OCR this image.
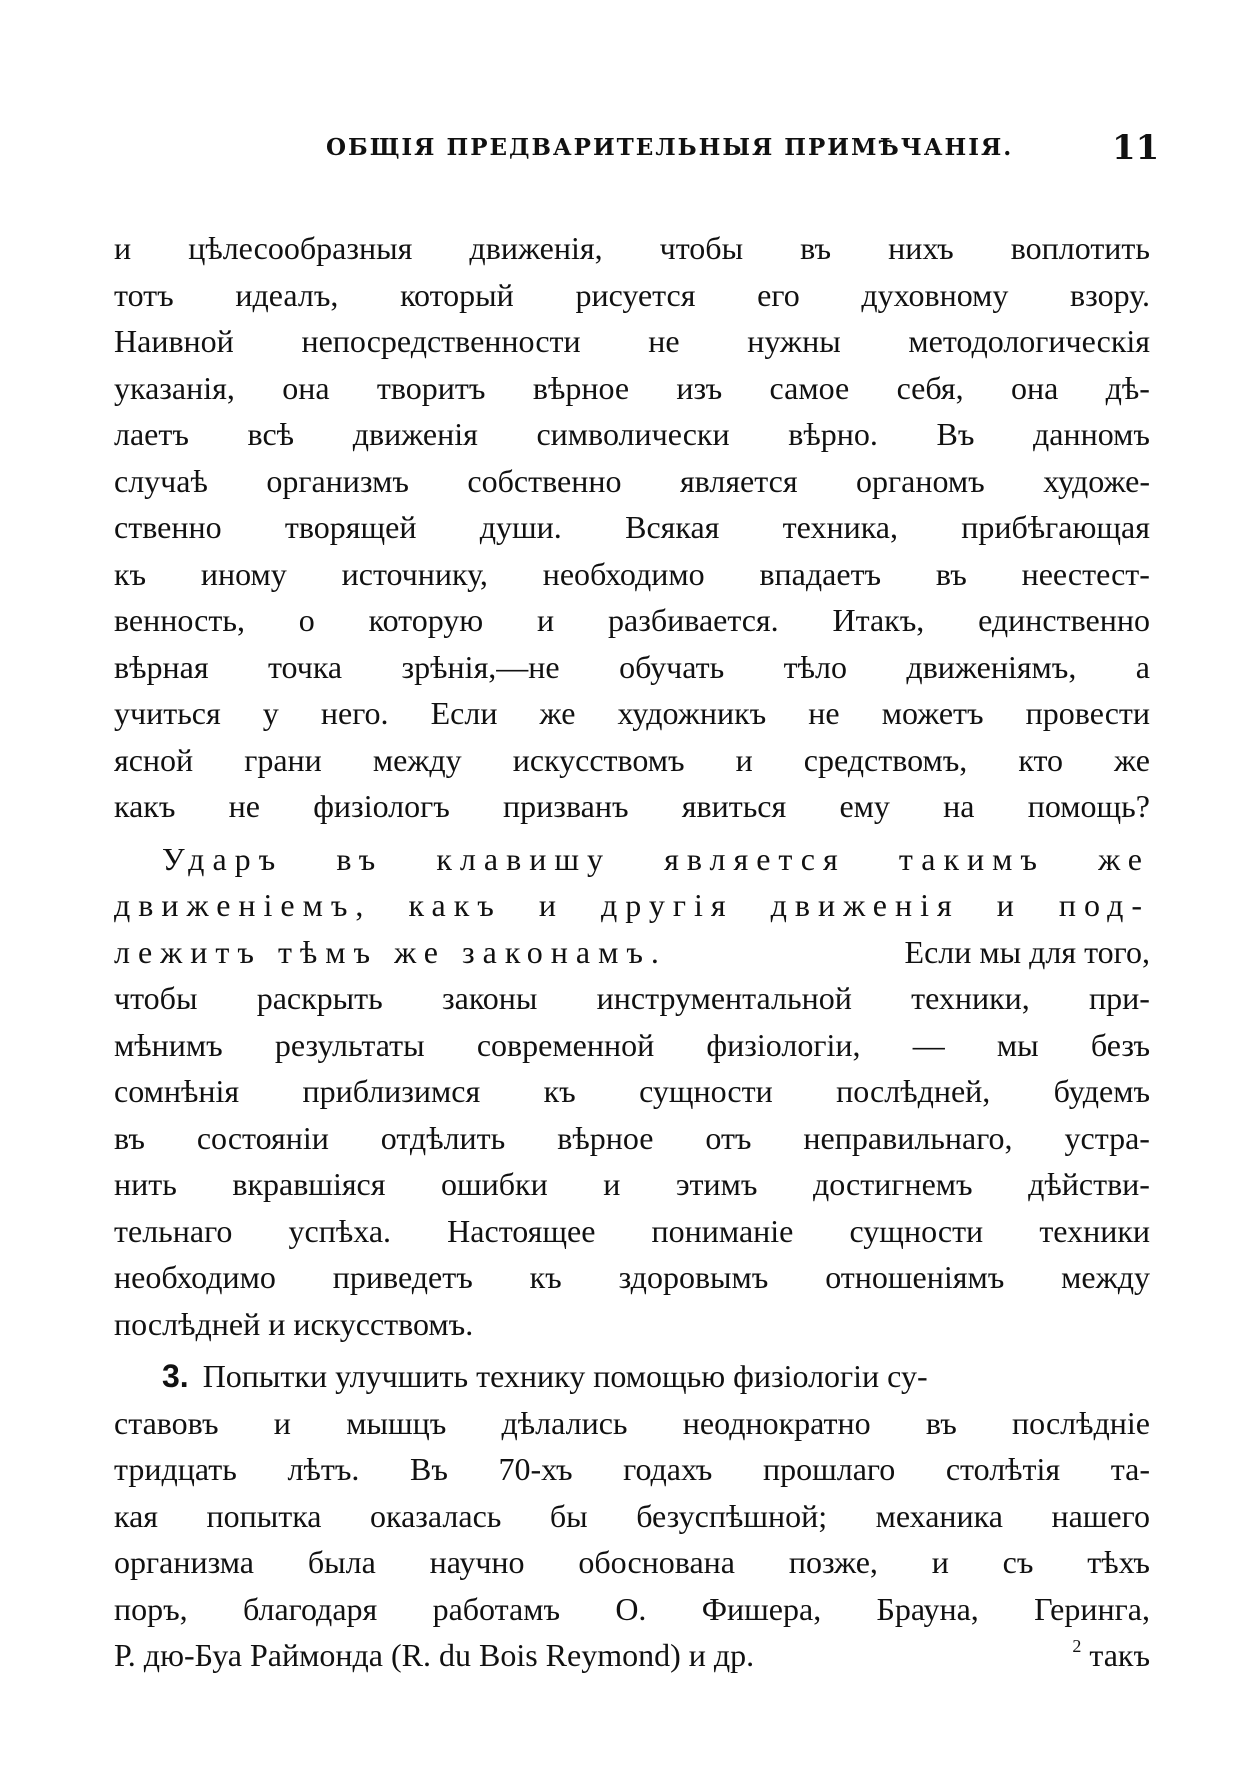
ОБЩІЯ ПРЕДВАРИТЕЛЬНЫЯ ПРИМѢЧАНІЯ.	11
и цѣлесообразныя движенія, чтобы въ нихъ воплотить
тотъ идеалъ, который рисуется его духовному взору.
Наивной непосредственности не нужны методологическія
указанія, она творитъ вѣрное изъ самое себя, она дѣ-
лаетъ всѣ движенія символически вѣрно. Въ данномъ
случаѣ организмъ собственно является органомъ художе-
ственно творящей души. Всякая техника, прибѣгающая
къ иному источнику, необходимо впадаетъ въ неестест-
венность, о которую и разбивается. Итакъ, единственно
вѣрная точка зрѣнія,—не обучать тѣло движеніямъ, а
учиться у него. Если же художникъ не можетъ провести
ясной грани между искусствомъ и средствомъ, кто же
какъ не физіологъ призванъ явиться ему на помощь?
Ударъ въ клавишу является такимъ же
движеніемъ, какъ и другія движенія и под-
лежитъ тѣмъ же законамъ.	Если мы для того,
чтобы раскрыть законы инструментальной техники, при-
мѣнимъ результаты современной физіологіи, — мы безъ
сомнѣнія приблизимся къ сущности послѣдней, будемъ
въ состояніи отдѣлить вѣрное отъ неправильнаго, устра-
нить вкравшіяся ошибки и этимъ достигнемъ дѣйстви-
тельнаго успѣха. Настоящее пониманіе сущности техники
необходимо приведетъ къ здоровымъ отношеніямъ между
послѣдней и искусствомъ.
3. Попытки улучшить технику помощью физіологіи су-
ставовъ и мышцъ дѣлались неоднократно въ послѣдніе
тридцать лѣтъ. Въ 70-хъ годахъ прошлаго столѣтія та-
кая попытка оказалась бы безуспѣшной; механика нашего
организма была научно обоснована позже, и съ тѣхъ
поръ, благодаря работамъ О. Фишера, Брауна, Геринга,
Р. дю-Буа Раймонда (R. du Bois Reymond) и др.	$^2$ такъ
